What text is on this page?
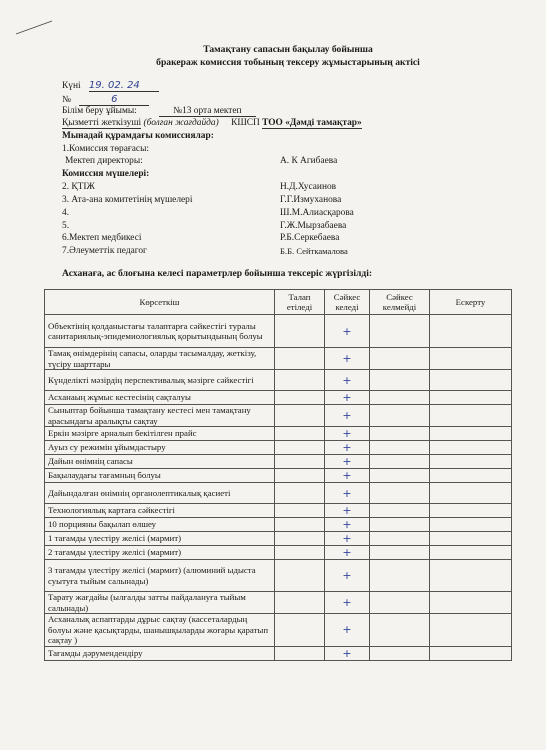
Тамақтану сапасын бақылау бойынша
бракераж комиссия тобының тексеру жұмыстарының актісі
Күні 19. 02. 24
№	6
Білім беру ұйымы:	№13 орта мектеп
Қызметті жеткізуші (болған жағдайда) КШСП ТОО «Дәмді тамақтар»
Мынадай құрамдағы комиссиялар:
1.Комиссия төрағасы:
Мектеп директоры:	А. К Агибаева
Комиссия мүшелері:
2. ҚТІЖ	Н.Д.Хусаинов
3. Ата-ана комитетінің мүшелері	Г.Г.Измуханова
4.	Ш.М.Алиасқарова
5.	Г.Ж.Мырзабаева
6.Мектеп медбикесі	Р.Б.Серкебаева
7.Әлеуметтік педагог	Б.Б. Сейткамалова
Асханаға, ас блоғына келесі параметрлер бойынша тексеріс жүргізілді:
Көрсеткіш	Талап етіледі	Сәйкес келеді	Сәйкес келмейді	Ескерту
Объектінің қолданыстағы талаптарға сәйкестігі туралы санитариялық-эпидемиологиялық қорытындының болуы		+		
Тамақ өнімдерінің сапасы, оларды тасымалдау, жеткізу, түсіру шарттары		+		
Күнделікті мәзірдің перспективалық мәзірге сәйкестігі		+		
Асханаың жұмыс кестесінің сақталуы		+		
Сыныптар бойынша тамақтану кестесі мен тамақтану арасындағы аралықты сақтау		+		
Еркін мәзірге арналып бекітілген прайс		+		
Ауыз су режимін ұйымдастыру		+		
Дайын өнімнің сапасы		+		
Бақылаудағы тағамның болуы		+		
Дайындалған өнімнің органолептикалық қасиеті		+		
Технологиялық картаға сәйкестігі		+		
10 порцияны бақылап өлшеу		+		
1 тағамды үлестіру желісі (мармит)		+		
2 тағамды үлестіру желісі (мармит)		+		
3 тағамды үлестіру желісі (мармит) (алюминий ыдыста суытуға тыйым салынады)		+		
Тарату жағдайы (ылғалды затты пайдалануға тыйым салынады)		+		
Асханалық аспаптарды дұрыс сақтау (кассеталардың болуы және қасықтарды, шанышқыларды жоғары қаратып сақтау )		+		
Тағамды дәрумендендіру		+		
